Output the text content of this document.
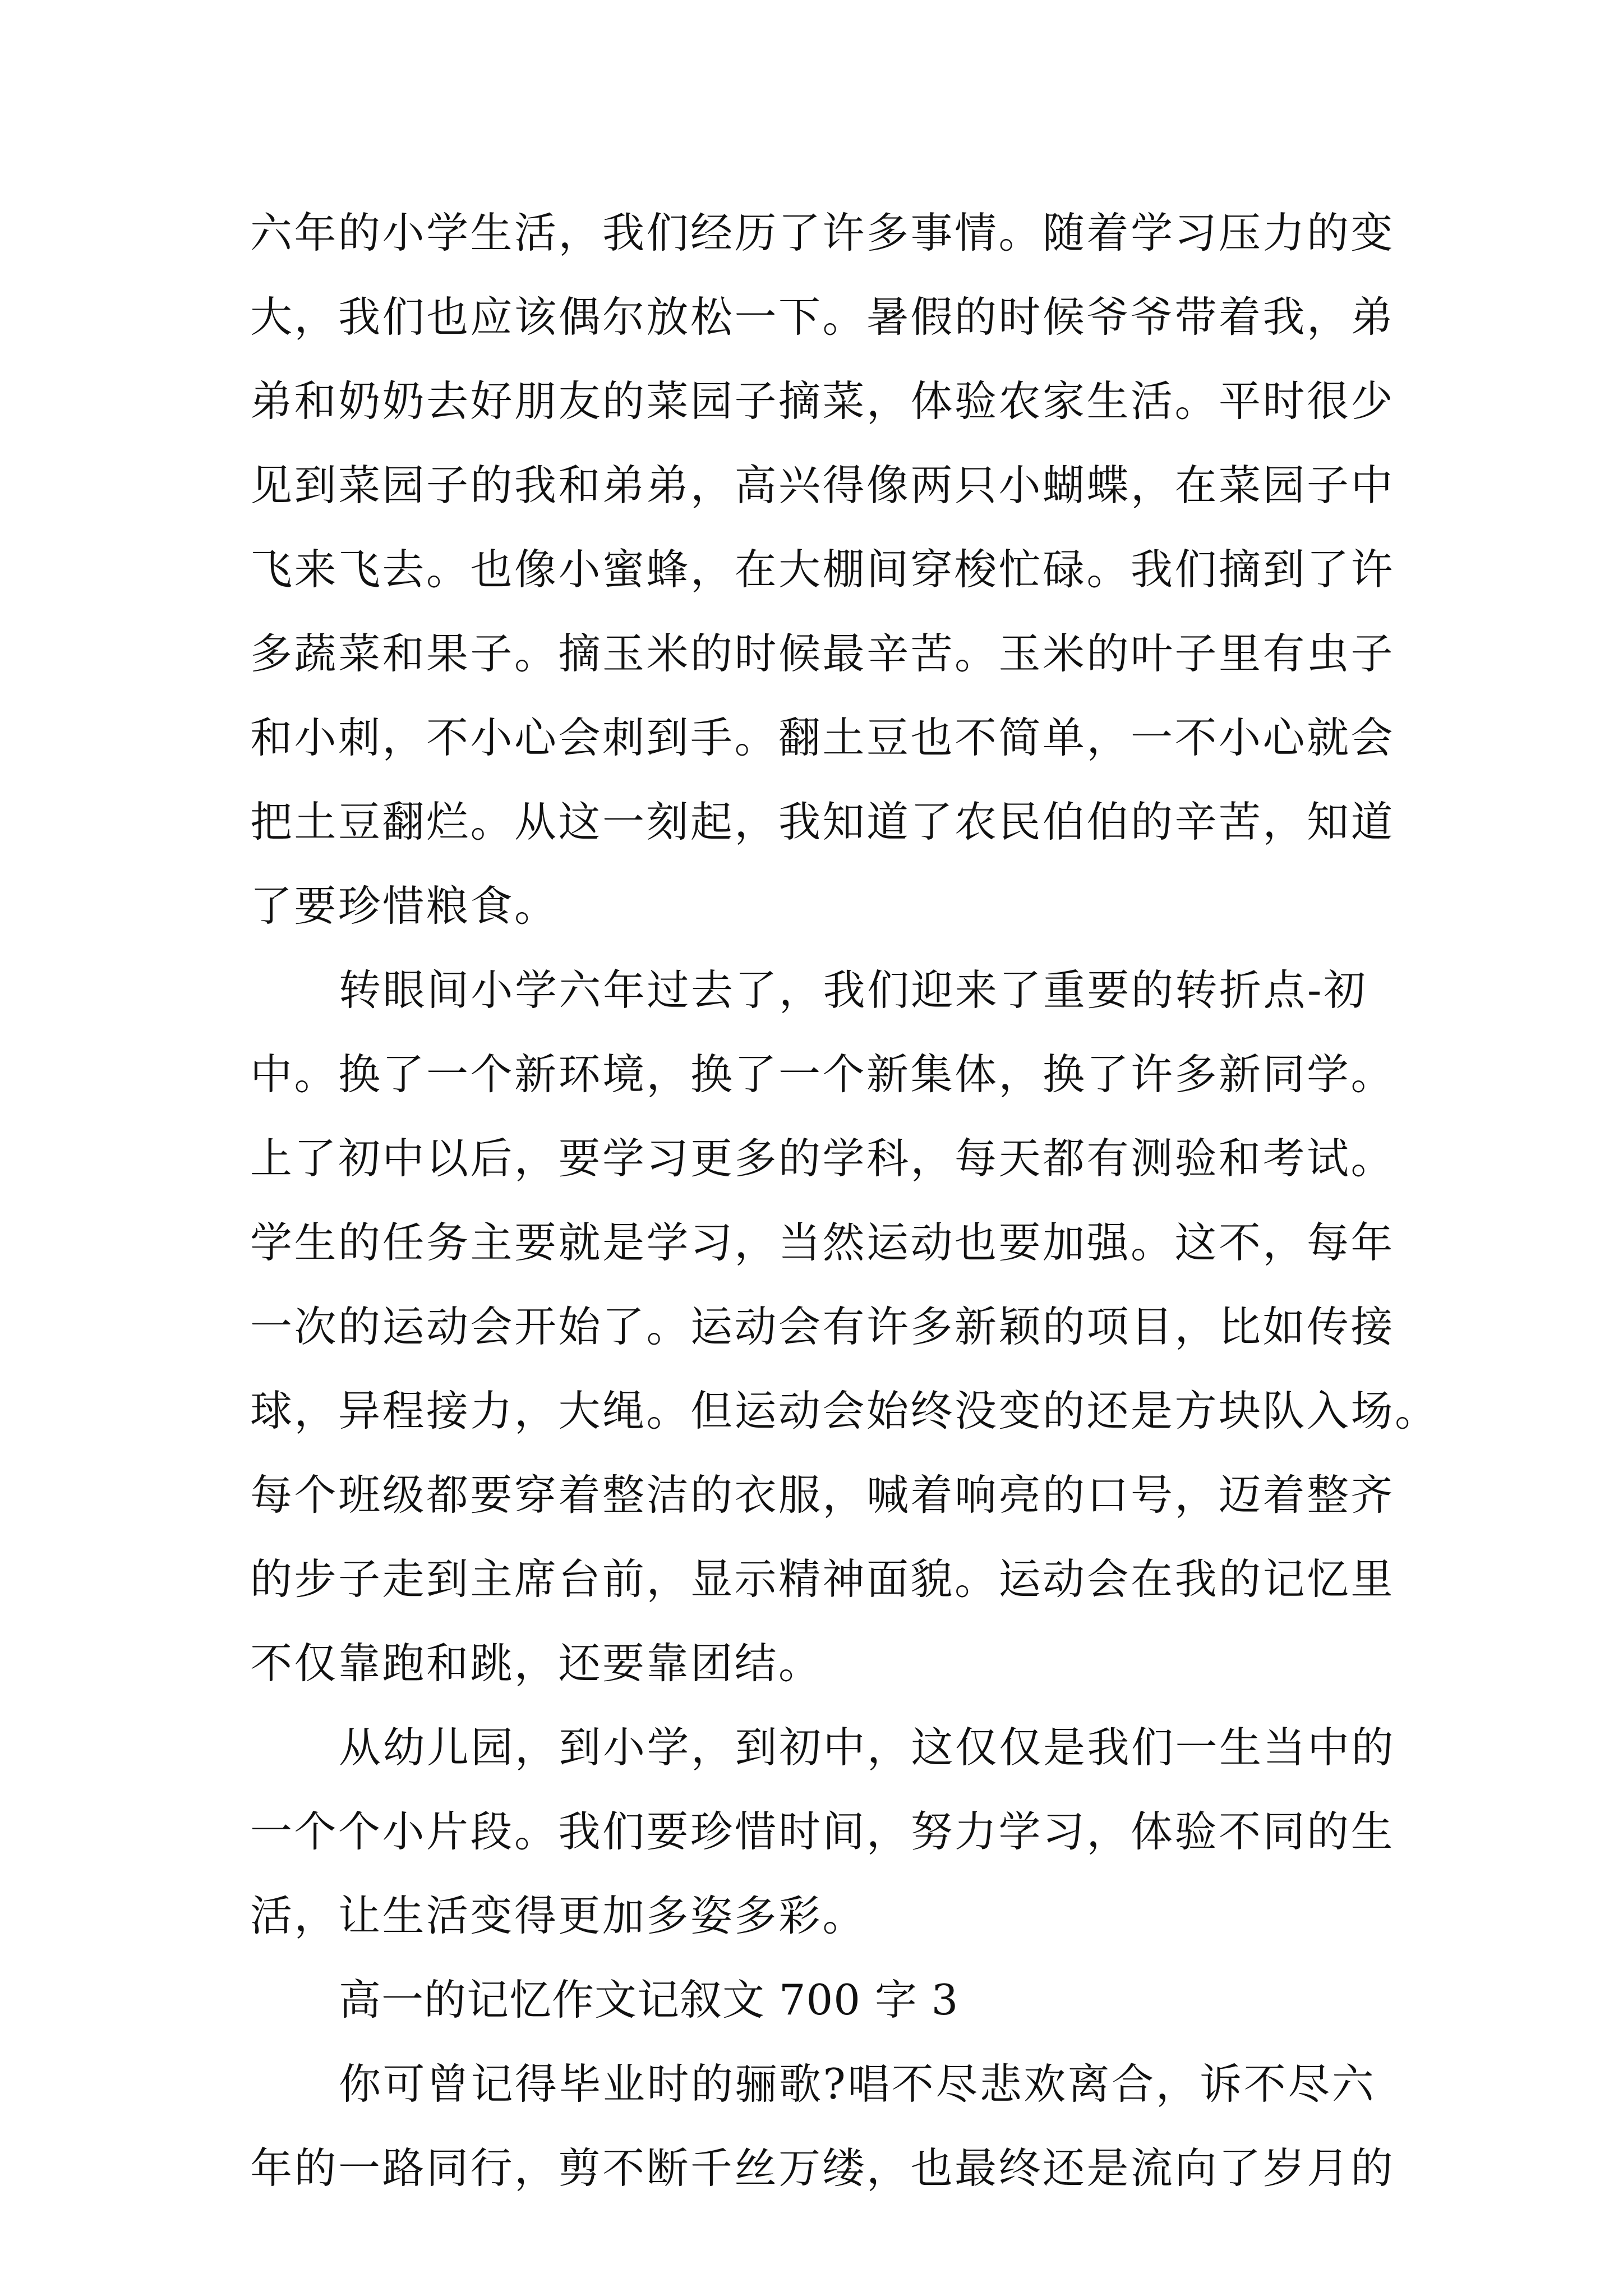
六年的小学生活，我们经历了许多事情。随着学习压力的变
大，我们也应该偶尔放松一下。暑假的时候爷爷带着我，弟
弟和奶奶去好朋友的菜园子摘菜，体验农家生活。平时很少
见到菜园子的我和弟弟，高兴得像两只小蝴蝶，在菜园子中
飞来飞去。也像小蜜蜂，在大棚间穿梭忙碌。我们摘到了许
多蔬菜和果子。摘玉米的时候最辛苦。玉米的叶子里有虫子
和小刺，不小心会刺到手。翻土豆也不简单，一不小心就会
把土豆翻烂。从这一刻起，我知道了农民伯伯的辛苦，知道
了要珍惜粮食。
转眼间小学六年过去了，我们迎来了重要的转折点-初
中。换了一个新环境，换了一个新集体，换了许多新同学。
上了初中以后，要学习更多的学科，每天都有测验和考试。
学生的任务主要就是学习，当然运动也要加强。这不，每年
一次的运动会开始了。运动会有许多新颖的项目，比如传接
球，异程接力，大绳。但运动会始终没变的还是方块队入场。
每个班级都要穿着整洁的衣服，喊着响亮的口号，迈着整齐
的步子走到主席台前，显示精神面貌。运动会在我的记忆里
不仅靠跑和跳，还要靠团结。
从幼儿园，到小学，到初中，这仅仅是我们一生当中的
一个个小片段。我们要珍惜时间，努力学习，体验不同的生
活，让生活变得更加多姿多彩。
高一的记忆作文记叙文 700 字 3
你可曾记得毕业时的骊歌?唱不尽悲欢离合，诉不尽六
年的一路同行，剪不断千丝万缕，也最终还是流向了岁月的
